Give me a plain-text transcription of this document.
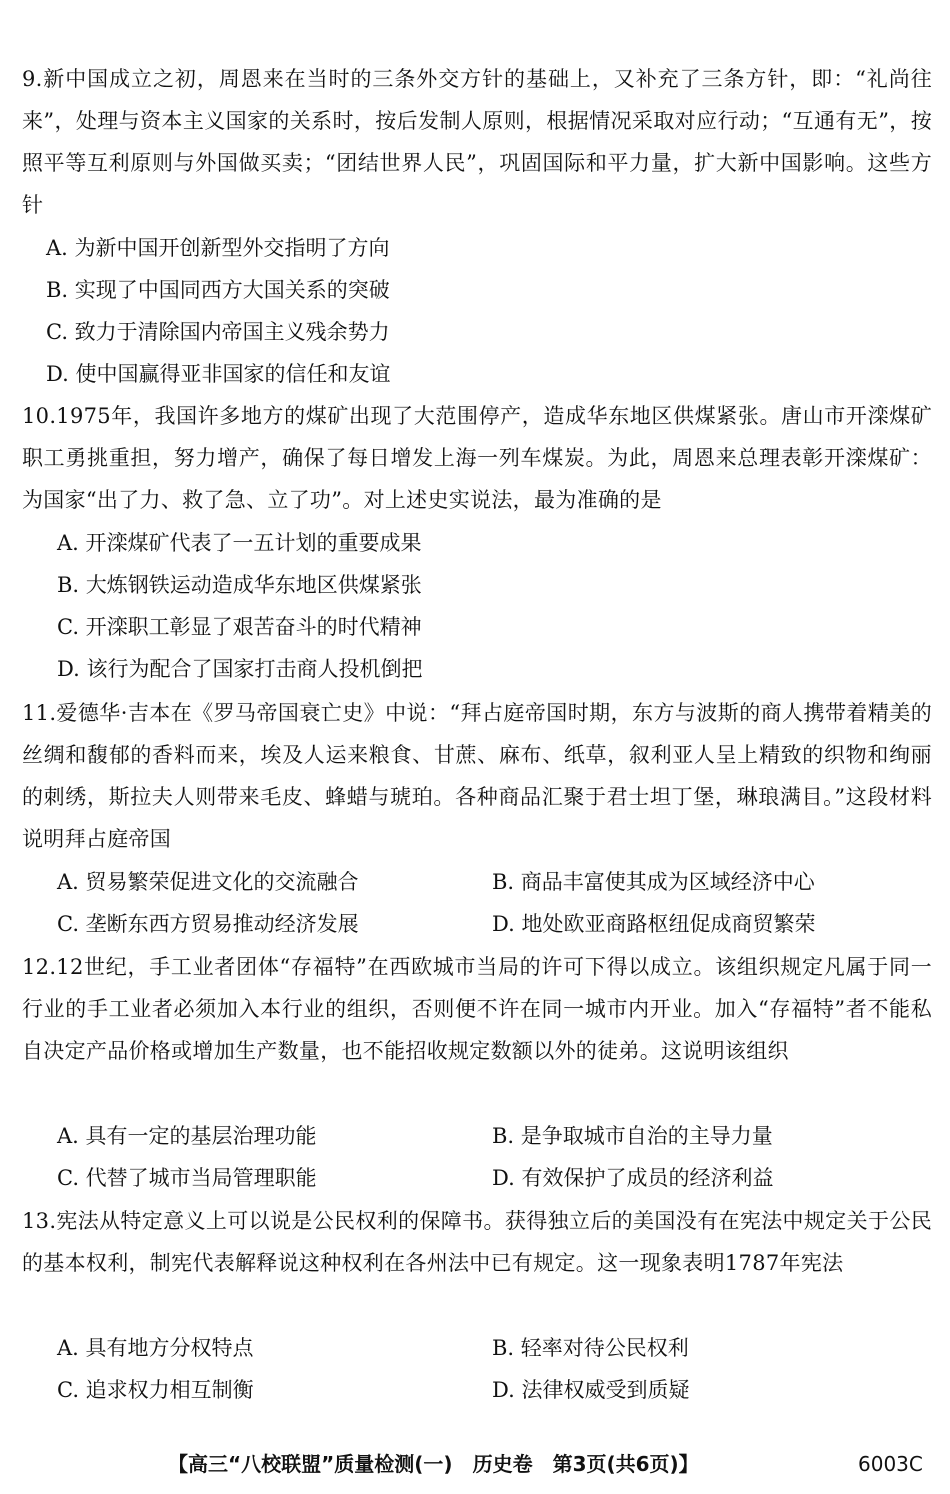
9.新中国成立之初，周恩来在当时的三条外交方针的基础上，又补充了三条方针，即：“礼尚往来”，处理与资本主义国家的关系时，按后发制人原则，根据情况采取对应行动；“互通有无”，按照平等互利原则与外国做买卖；“团结世界人民”，巩固国际和平力量，扩大新中国影响。这些方针

A. 为新中国开创新型外交指明了方向
B. 实现了中国同西方大国关系的突破
C. 致力于清除国内帝国主义残余势力
D. 使中国赢得亚非国家的信任和友谊

10.1975年，我国许多地方的煤矿出现了大范围停产，造成华东地区供煤紧张。唐山市开滦煤矿职工勇挑重担，努力增产，确保了每日增发上海一列车煤炭。为此，周恩来总理表彰开滦煤矿：为国家“出了力、救了急、立了功”。对上述史实说法，最为准确的是

A. 开滦煤矿代表了一五计划的重要成果
B. 大炼钢铁运动造成华东地区供煤紧张
C. 开滦职工彰显了艰苦奋斗的时代精神
D. 该行为配合了国家打击商人投机倒把

11.爱德华·吉本在《罗马帝国衰亡史》中说：“拜占庭帝国时期，东方与波斯的商人携带着精美的丝绸和馥郁的香料而来，埃及人运来粮食、甘蔗、麻布、纸草，叙利亚人呈上精致的织物和绚丽的刺绣，斯拉夫人则带来毛皮、蜂蜡与琥珀。各种商品汇聚于君士坦丁堡，琳琅满目。”这段材料说明拜占庭帝国

A. 贸易繁荣促进文化的交流融合	B. 商品丰富使其成为区域经济中心
C. 垄断东西方贸易推动经济发展	D. 地处欧亚商路枢纽促成商贸繁荣

12.12世纪，手工业者团体“存福特”在西欧城市当局的许可下得以成立。该组织规定凡属于同一行业的手工业者必须加入本行业的组织，否则便不许在同一城市内开业。加入“存福特”者不能私自决定产品价格或增加生产数量，也不能招收规定数额以外的徒弟。这说明该组织

A. 具有一定的基层治理功能	B. 是争取城市自治的主导力量
C. 代替了城市当局管理职能	D. 有效保护了成员的经济利益

13.宪法从特定意义上可以说是公民权利的保障书。获得独立后的美国没有在宪法中规定关于公民的基本权利，制宪代表解释说这种权利在各州法中已有规定。这一现象表明1787年宪法

A. 具有地方分权特点	B. 轻率对待公民权利
C. 追求权力相互制衡	D. 法律权威受到质疑
【高三“八校联盟”质量检测(一)　历史卷　第3页(共6页)】	6003C
